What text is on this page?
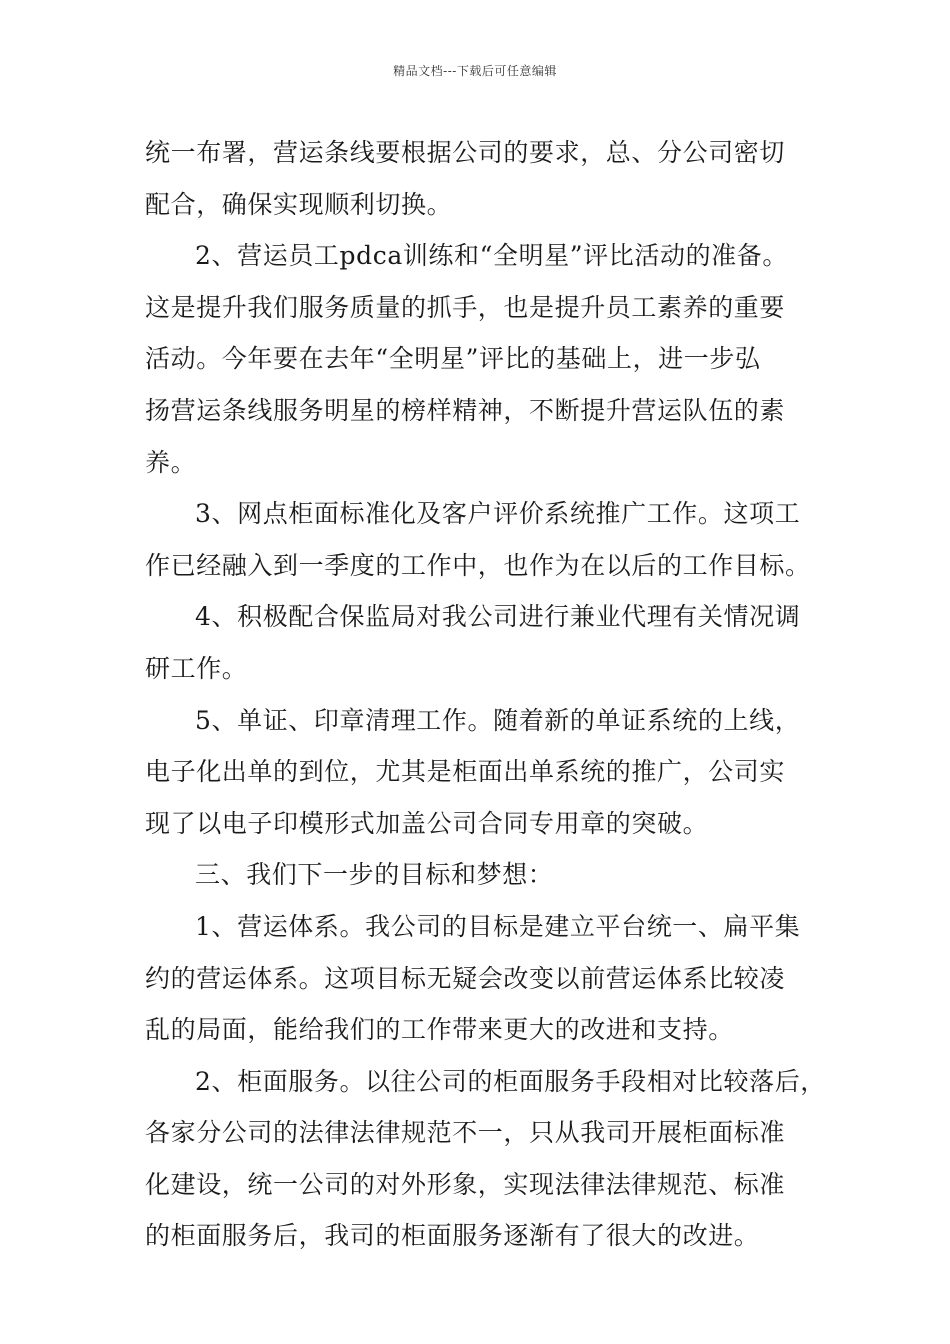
精品文档---下载后可任意编辑
统一布署，营运条线要根据公司的要求，总、分公司密切
配合，确保实现顺利切换。
2、营运员工pdca训练和“全明星”评比活动的准备。
这是提升我们服务质量的抓手，也是提升员工素养的重要
活动。今年要在去年“全明星”评比的基础上，进一步弘
扬营运条线服务明星的榜样精神，不断提升营运队伍的素
养。
3、网点柜面标准化及客户评价系统推广工作。这项工
作已经融入到一季度的工作中，也作为在以后的工作目标。
4、积极配合保监局对我公司进行兼业代理有关情况调
研工作。
5、单证、印章清理工作。随着新的单证系统的上线，
电子化出单的到位，尤其是柜面出单系统的推广，公司实
现了以电子印模形式加盖公司合同专用章的突破。
三、我们下一步的目标和梦想：
1、营运体系。我公司的目标是建立平台统一、扁平集
约的营运体系。这项目标无疑会改变以前营运体系比较凌
乱的局面，能给我们的工作带来更大的改进和支持。
2、柜面服务。以往公司的柜面服务手段相对比较落后，
各家分公司的法律法律规范不一，只从我司开展柜面标准
化建设，统一公司的对外形象，实现法律法律规范、标准
的柜面服务后，我司的柜面服务逐渐有了很大的改进。
